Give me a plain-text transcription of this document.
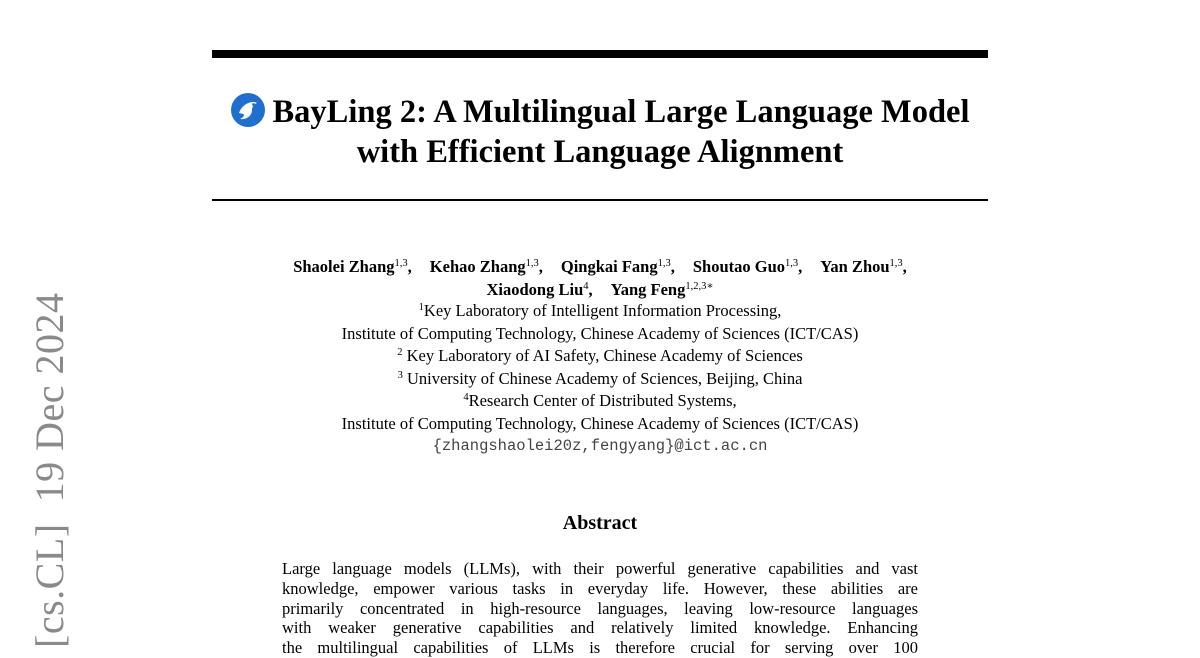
[cs.CL]  19 Dec 2024
BayLing 2: A Multilingual Large Language Model
with Efficient Language Alignment
Shaolei Zhang$^{1,3}$, Kehao Zhang$^{1,3}$, Qingkai Fang$^{1,3}$, Shoutao Guo$^{1,3}$, Yan Zhou$^{1,3}$,
Xiaodong Liu$^4$, Yang Feng$^{1,2,3∗}$
$^1$Key Laboratory of Intelligent Information Processing,
Institute of Computing Technology, Chinese Academy of Sciences (ICT/CAS)
$^2$ Key Laboratory of AI Safety, Chinese Academy of Sciences
$^3$ University of Chinese Academy of Sciences, Beijing, China
$^4$Research Center of Distributed Systems,
Institute of Computing Technology, Chinese Academy of Sciences (ICT/CAS)
{zhangshaolei20z,fengyang}@ict.ac.cn
Abstract
Large language models (LLMs), with their powerful generative capabilities and vast
knowledge, empower various tasks in everyday life. However, these abilities are
primarily concentrated in high-resource languages, leaving low-resource languages
with weaker generative capabilities and relatively limited knowledge. Enhancing
the multilingual capabilities of LLMs is therefore crucial for serving over 100
